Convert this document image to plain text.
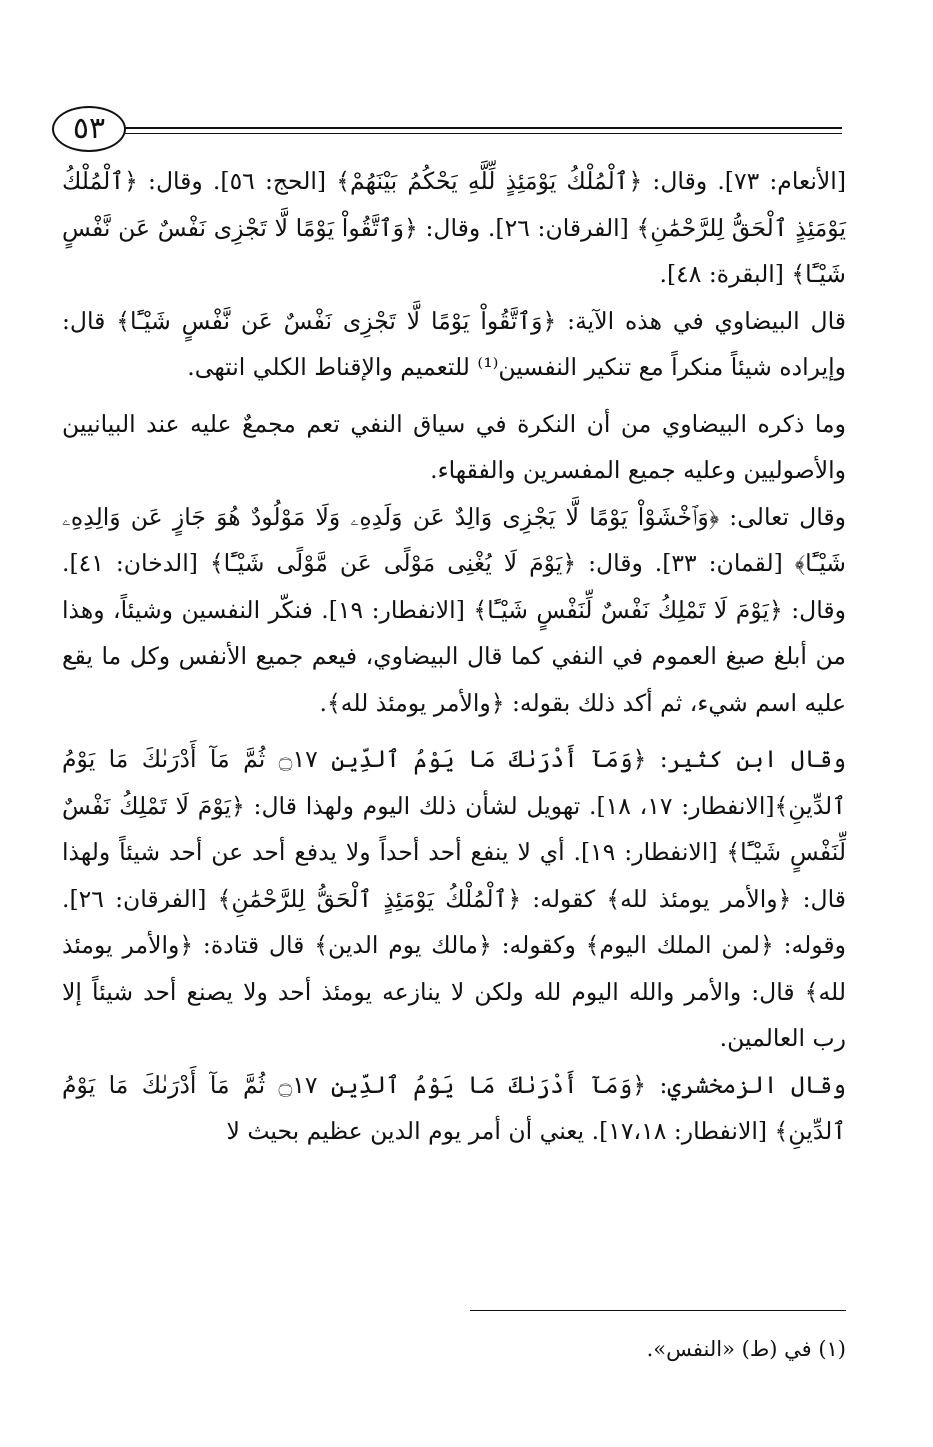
٥٣

[الأنعام: ٧٣]. وقال: ﴿ٱلْمُلْكُ يَوْمَئِذٍ لِّلَّهِ يَحْكُمُ بَيْنَهُمْ﴾ [الحج: ٥٦]. وقال: ﴿ٱلْمُلْكُ يَوْمَئِذٍ ٱلْحَقُّ لِلرَّحْمَٰنِ﴾ [الفرقان: ٢٦]. وقال: ﴿وَٱتَّقُواْ يَوْمًا لَّا تَجْزِى نَفْسٌ عَن نَّفْسٍ شَيْـًٔا﴾ [البقرة: ٤٨].

قال البيضاوي في هذه الآية: ﴿وَٱتَّقُواْ يَوْمًا لَّا تَجْزِى نَفْسٌ عَن نَّفْسٍ شَيْـًٔا﴾ قال: وإيراده شيئاً منكراً مع تنكير النفسين⁽¹⁾ للتعميم والإقناط الكلي انتهى.

وما ذكره البيضاوي من أن النكرة في سياق النفي تعم مجمعٌ عليه عند البيانيين والأصوليين وعليه جميع المفسرين والفقهاء.

وقال تعالى: ﴿وَٱخْشَوْاْ يَوْمًا لَّا يَجْزِى وَالِدٌ عَن وَلَدِهِۦ وَلَا مَوْلُودٌ هُوَ جَازٍ عَن وَالِدِهِۦ شَيْـًٔا﴾ [لقمان: ٣٣]. وقال: ﴿يَوْمَ لَا يُغْنِى مَوْلًى عَن مَّوْلًى شَيْـًٔا﴾ [الدخان: ٤١]. وقال: ﴿يَوْمَ لَا تَمْلِكُ نَفْسٌ لِّنَفْسٍ شَيْـًٔا﴾ [الانفطار: ١٩]. فنكّر النفسين وشيئاً، وهذا من أبلغ صيغ العموم في النفي كما قال البيضاوي، فيعم جميع الأنفس وكل ما يقع عليه اسم شيء، ثم أكد ذلك بقوله: ﴿والأمر يومئذ لله﴾.

وقال ابن كثير: ﴿وَمَآ أَدْرَىٰكَ مَا يَوْمُ ٱلدِّينِ ۝١٧ ثُمَّ مَآ أَدْرَىٰكَ مَا يَوْمُ ٱلدِّينِ﴾[الانفطار: ١٧، ١٨]. تهويل لشأن ذلك اليوم ولهذا قال: ﴿يَوْمَ لَا تَمْلِكُ نَفْسٌ لِّنَفْسٍ شَيْـًٔا﴾ [الانفطار: ١٩]. أي لا ينفع أحد أحداً ولا يدفع أحد عن أحد شيئاً ولهذا قال: ﴿والأمر يومئذ لله﴾ كقوله: ﴿ٱلْمُلْكُ يَوْمَئِذٍ ٱلْحَقُّ لِلرَّحْمَٰنِ﴾ [الفرقان: ٢٦]. وقوله: ﴿لمن الملك اليوم﴾ وكقوله: ﴿مالك يوم الدين﴾ قال قتادة: ﴿والأمر يومئذ لله﴾ قال: والأمر والله اليوم لله ولكن لا ينازعه يومئذ أحد ولا يصنع أحد شيئاً إلا رب العالمين.

وقال الزمخشري: ﴿وَمَآ أَدْرَىٰكَ مَا يَوْمُ ٱلدِّينِ ۝١٧ ثُمَّ مَآ أَدْرَىٰكَ مَا يَوْمُ ٱلدِّينِ﴾ [الانفطار: ١٧،١٨]. يعني أن أمر يوم الدين عظيم بحيث لا

(١) في (ط) «النفس».
